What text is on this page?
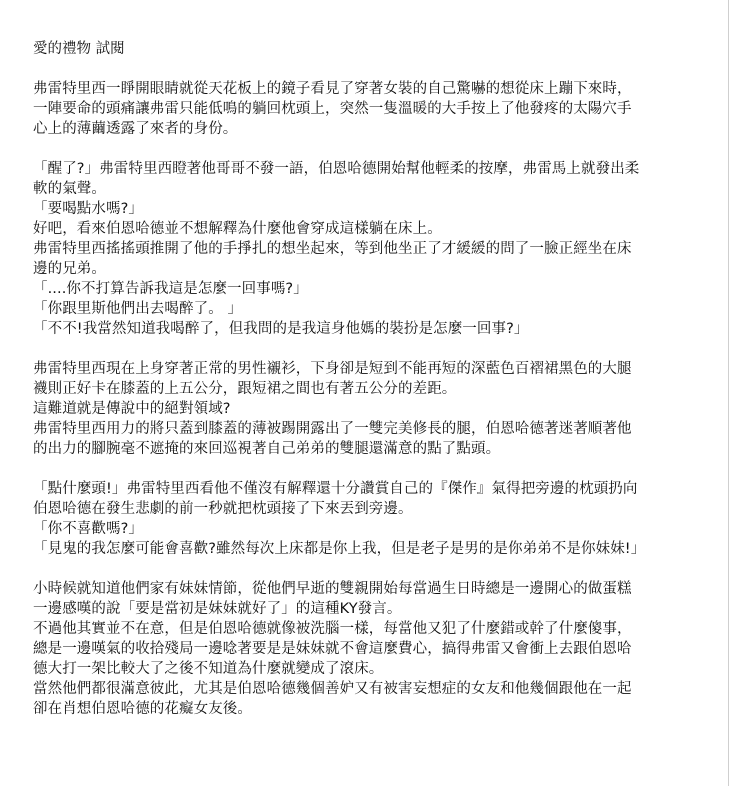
愛的禮物 試閱
弗雷特里西一睜開眼睛就從天花板上的鏡子看見了穿著女裝的自己驚嚇的想從床上蹦下來時，
一陣要命的頭痛讓弗雷只能低鳴的躺回枕頭上，突然一隻溫暖的大手按上了他發疼的太陽穴手
心上的薄繭透露了來者的身份。
「醒了?」弗雷特里西瞪著他哥哥不發一語，伯恩哈德開始幫他輕柔的按摩，弗雷馬上就發出柔
軟的氣聲。
「要喝點水嗎?」
好吧，看來伯恩哈德並不想解釋為什麼他會穿成這樣躺在床上。
弗雷特里西搖搖頭推開了他的手掙扎的想坐起來，等到他坐正了才緩緩的問了一臉正經坐在床
邊的兄弟。
「....你不打算告訴我這是怎麼一回事嗎?」
「你跟里斯他們出去喝醉了。 」
「不不!我當然知道我喝醉了，但我問的是我這身他媽的裝扮是怎麼一回事?」
弗雷特里西現在上身穿著正常的男性襯衫，下身卻是短到不能再短的深藍色百褶裙黑色的大腿
襪則正好卡在膝蓋的上五公分，跟短裙之間也有著五公分的差距。
這難道就是傳說中的絕對領域?
弗雷特里西用力的將只蓋到膝蓋的薄被踢開露出了一雙完美修長的腿，伯恩哈德著迷著順著他
的出力的腳腕毫不遮掩的來回巡視著自己弟弟的雙腿還滿意的點了點頭。
「點什麼頭!」弗雷特里西看他不僅沒有解釋還十分讚賞自己的『傑作』氣得把旁邊的枕頭扔向
伯恩哈德在發生悲劇的前一秒就把枕頭接了下來丟到旁邊。
「你不喜歡嗎?」
「見鬼的我怎麼可能會喜歡?雖然每次上床都是你上我，但是老子是男的是你弟弟不是你妹妹!」
小時候就知道他們家有妹妹情節，從他們早逝的雙親開始每當過生日時總是一邊開心的做蛋糕
一邊感嘆的說「要是當初是妹妹就好了」的這種KY發言。
不過他其實並不在意，但是伯恩哈德就像被洗腦一樣，每當他又犯了什麼錯或幹了什麼傻事，
總是一邊嘆氣的收拾殘局一邊唸著要是是妹妹就不會這麼費心，搞得弗雷又會衝上去跟伯恩哈
德大打一架比較大了之後不知道為什麼就變成了滾床。
當然他們都很滿意彼此，尤其是伯恩哈德幾個善妒又有被害妄想症的女友和他幾個跟他在一起
卻在肖想伯恩哈德的花癡女友後。
